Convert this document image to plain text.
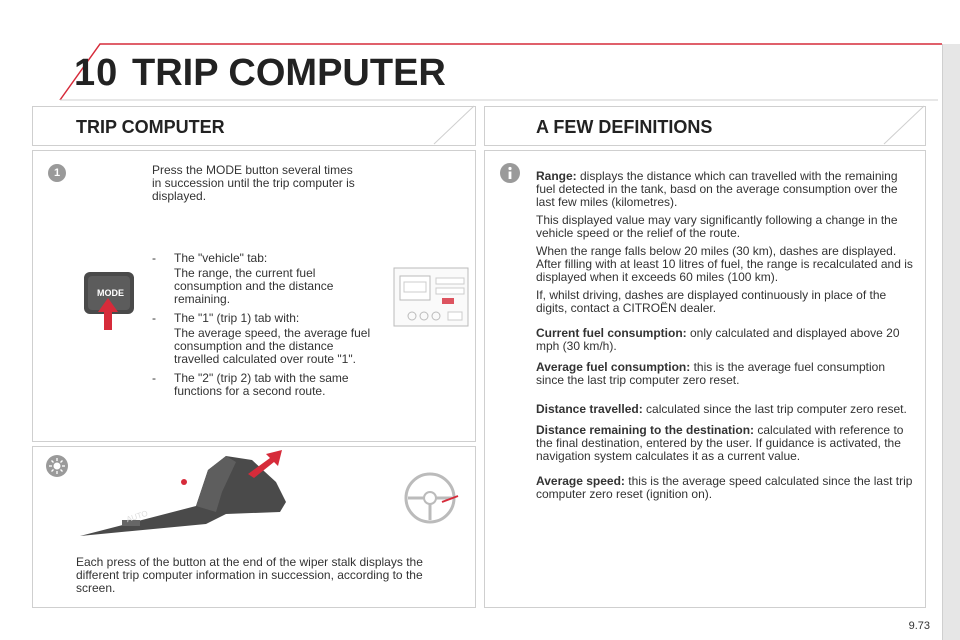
10 TRIP COMPUTER
TRIP COMPUTER
1	Press the MODE button several times in succession until the trip computer is displayed.
MODE
- The "vehicle" tab:
The range, the current fuel consumption and the distance remaining.
- The "1" (trip 1) tab with:
The average speed, the average fuel consumption and the distance travelled calculated over route "1".
- The "2" (trip 2) tab with the same functions for a second route.
AUTO
Each press of the button at the end of the wiper stalk displays the different trip computer information in succession, according to the screen.
A FEW DEFINITIONS

Range: displays the distance which can travelled with the remaining fuel detected in the tank, basd on the average consumption over the last few miles (kilometres).

This displayed value may vary significantly following a change in the vehicle speed or the relief of the route.

When the range falls below 20 miles (30 km), dashes are displayed. After filling with at least 10 litres of fuel, the range is recalculated and is displayed when it exceeds 60 miles (100 km).

If, whilst driving, dashes are displayed continuously in place of the digits, contact a CITROËN dealer.

Current fuel consumption: only calculated and displayed above 20 mph (30 km/h).

Average fuel consumption: this is the average fuel consumption since the last trip computer zero reset.

Distance travelled: calculated since the last trip computer zero reset.

Distance remaining to the destination: calculated with reference to the final destination, entered by the user. If guidance is activated, the navigation system calculates it as a current value.

Average speed: this is the average speed calculated since the last trip computer zero reset (ignition on).

9.73
